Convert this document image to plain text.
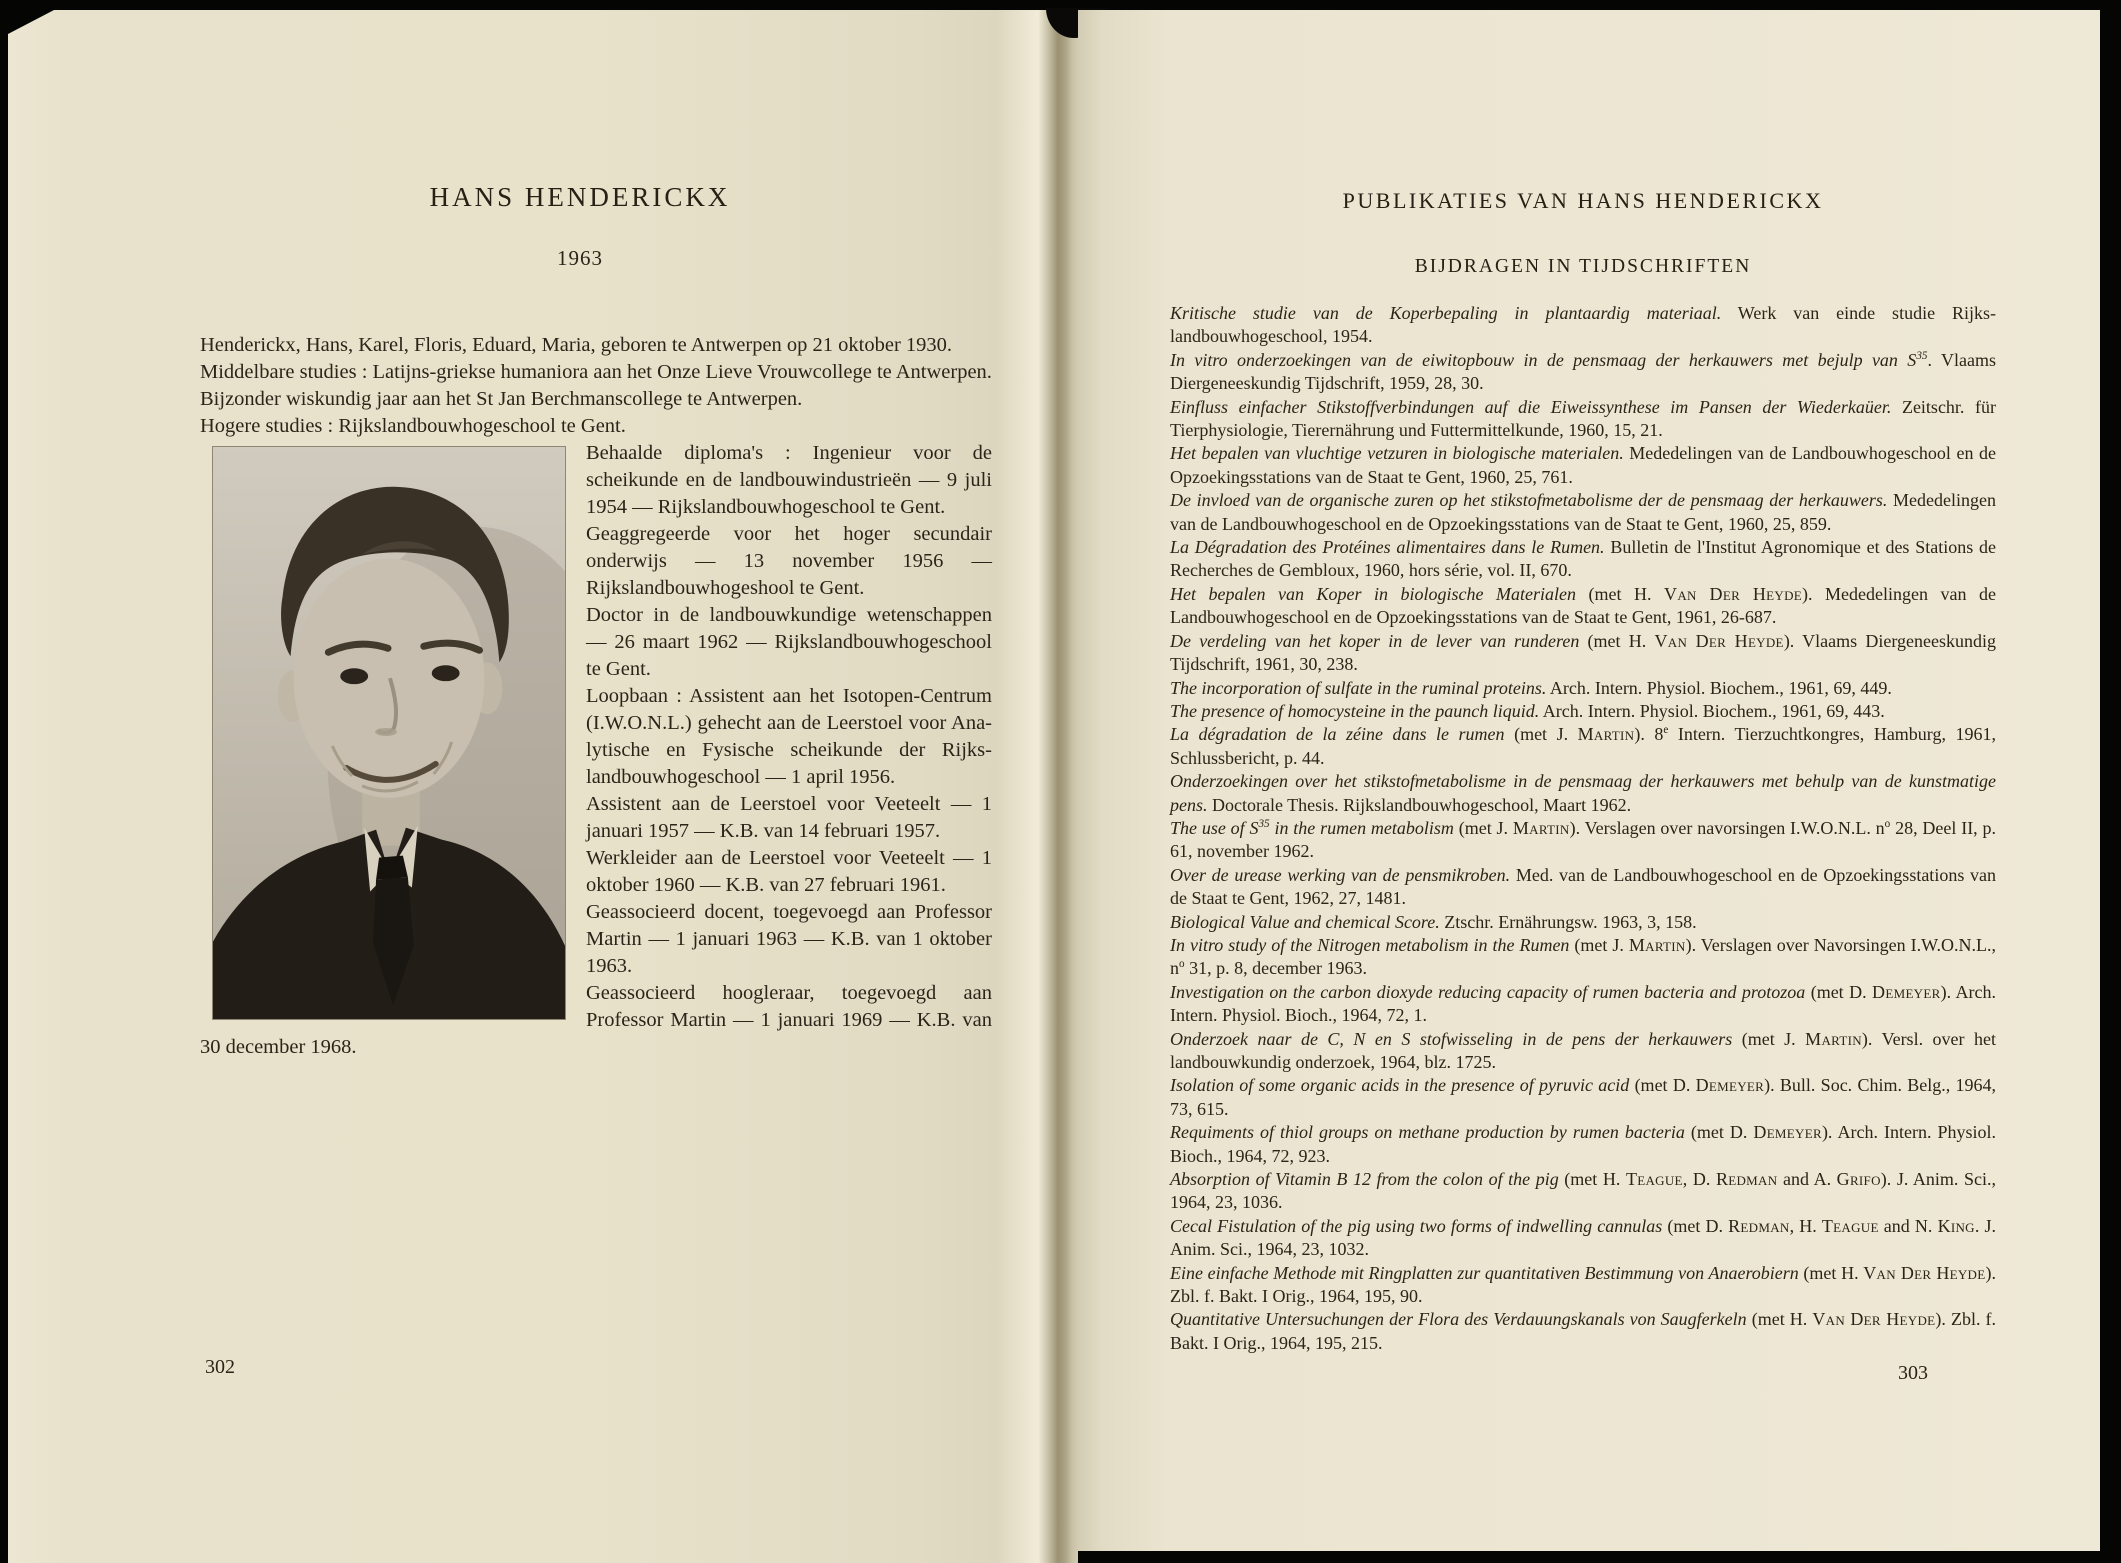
HANS HENDERICKX
1963

Henderickx, Hans, Karel, Floris, Eduard, Maria, geboren te Antwerpen op 21 oktober 1930.

Middelbare studies : Latijns-griekse humaniora aan het Onze Lieve Vrouwcollege te Antwerpen.

Bijzonder wiskundig jaar aan het St Jan Berchmanscollege te Antwerpen.

Hogere studies : Rijkslandbouwhogeschool te Gent.

Behaalde diploma's : Ingenieur voor de scheikunde en de landbouwindustrieën — 9 juli 1954 — Rijkslandbouwhogeschool te Gent.

Geaggregeerde voor het hoger secundair onderwijs — 13 november 1956 — Rijkslandbouwhogeshool te Gent.

Doctor in de landbouwkundige wetenschappen — 26 maart 1962 — Rijkslandbouwhogeschool te Gent.

Loopbaan : Assistent aan het Isotopen-Centrum (I.W.O.N.L.) gehecht aan de Leerstoel voor Analytische en Fysische scheikunde der Rijkslandbouwhogeschool — 1 april 1956.

Assistent aan de Leerstoel voor Veeteelt — 1 januari 1957 — K.B. van 14 februari 1957.

Werkleider aan de Leerstoel voor Veeteelt — 1 oktober 1960 — K.B. van 27 februari 1961.

Geassocieerd docent, toegevoegd aan Professor Martin — 1 januari 1963 — K.B. van 1 oktober 1963.

Geassocieerd hoogleraar, toegevoegd aan Professor Martin — 1 januari 1969 — K.B. van 30 december 1968.

302
PUBLIKATIES VAN HANS HENDERICKX
BIJDRAGEN IN TIJDSCHRIFTEN

Kritische studie van de Koperbepaling in plantaardig materiaal. Werk van einde studie Rijkslandbouwhogeschool, 1954.

In vitro onderzoekingen van de eiwitopbouw in de pensmaag der herkauwers met bejulp van $S^{35}$. Vlaams Diergeneeskundig Tijdschrift, 1959, 28, 30.

Einfluss einfacher Stikstoffverbindungen auf die Eiweissynthese im Pansen der Wiederkaüer. Zeitschr. für Tierphysiologie, Tierernährung und Futtermittelkunde, 1960, 15, 21.

Het bepalen van vluchtige vetzuren in biologische materialen. Mededelingen van de Landbouwhogeschool en de Opzoekingsstations van de Staat te Gent, 1960, 25, 761.

De invloed van de organische zuren op het stikstofmetabolisme der de pensmaag der herkauwers. Mededelingen van de Landbouwhogeschool en de Opzoekingsstations van de Staat te Gent, 1960, 25, 859.

La Dégradation des Protéines alimentaires dans le Rumen. Bulletin de l'Institut Agronomique et des Stations de Recherches de Gembloux, 1960, hors série, vol. II, 670.

Het bepalen van Koper in biologische Materialen (met H. Van Der Heyde). Mededelingen van de Landbouwhogeschool en de Opzoekingsstations van de Staat te Gent, 1961, 26-687.

De verdeling van het koper in de lever van runderen (met H. Van Der Heyde). Vlaams Diergeneeskundig Tijdschrift, 1961, 30, 238.

The incorporation of sulfate in the ruminal proteins. Arch. Intern. Physiol. Biochem., 1961, 69, 449.

The presence of homocysteine in the paunch liquid. Arch. Intern. Physiol. Biochem., 1961, 69, 443.

La dégradation de la zéine dans le rumen (met J. Martin). 8e Intern. Tierzuchtkongres, Hamburg, 1961, Schlussbericht, p. 44.

Onderzoekingen over het stikstofmetabolisme in de pensmaag der herkauwers met behulp van de kunstmatige pens. Doctorale Thesis. Rijkslandbouwhogeschool, Maart 1962.

The use of $S^{35}$ in the rumen metabolism (met J. Martin). Verslagen over navorsingen I.W.O.N.L. $n^o$ 28, Deel II, p. 61, november 1962.

Over de urease werking van de pensmikroben. Med. van de Landbouwhogeschool en de Opzoekingsstations van de Staat te Gent, 1962, 27, 1481.

Biological Value and chemical Score. Ztschr. Ernährungsw. 1963, 3, 158.

In vitro study of the Nitrogen metabolism in the Rumen (met J. Martin). Verslagen over Navorsingen I.W.O.N.L., $n^o$ 31, p. 8, december 1963.

Investigation on the carbon dioxyde reducing capacity of rumen bacteria and protozoa (met D. Demeyer). Arch. Intern. Physiol. Bioch., 1964, 72, 1.

Onderzoek naar de C, N en S stofwisseling in de pens der herkauwers (met J. Martin). Versl. over het landbouwkundig onderzoek, 1964, blz. 1725.

Isolation of some organic acids in the presence of pyruvic acid (met D. Demeyer). Bull. Soc. Chim. Belg., 1964, 73, 615.

Requiments of thiol groups on methane production by rumen bacteria (met D. Demeyer). Arch. Intern. Physiol. Bioch., 1964, 72, 923.

Absorption of Vitamin B 12 from the colon of the pig (met H. Teague, D. Redman and A. Grifo). J. Anim. Sci., 1964, 23, 1036.

Cecal Fistulation of the pig using two forms of indwelling cannulas (met D. Redman, H. Teague and N. King. J. Anim. Sci., 1964, 23, 1032.

Eine einfache Methode mit Ringplatten zur quantitativen Bestimmung von Anaerobiern (met H. Van Der Heyde). Zbl. f. Bakt. I Orig., 1964, 195, 90.

Quantitative Untersuchungen der Flora des Verdauungskanals von Saugferkeln (met H. Van Der Heyde). Zbl. f. Bakt. I Orig., 1964, 195, 215.

303
